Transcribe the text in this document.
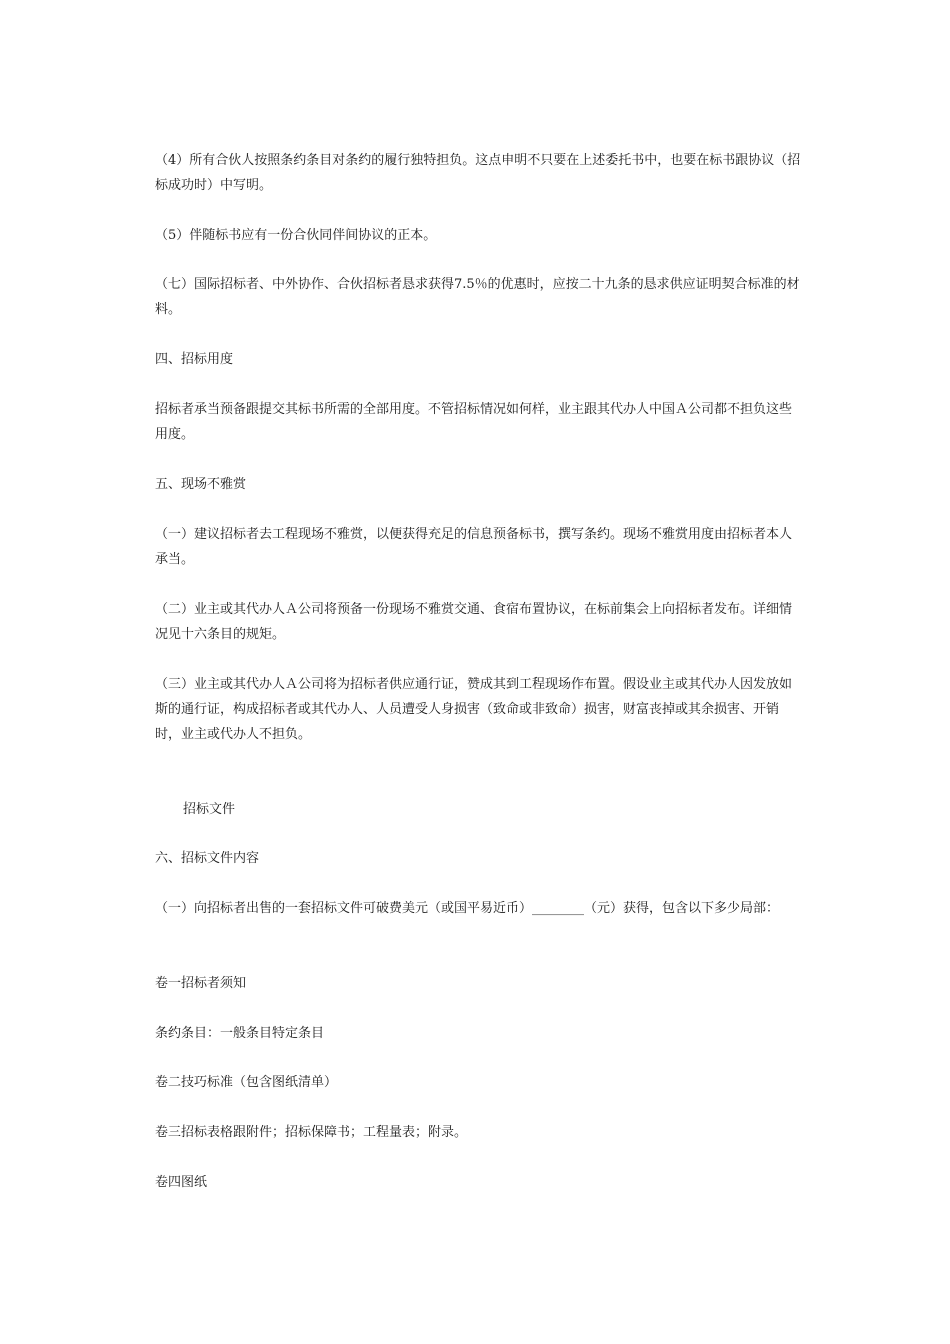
（4）所有合伙人按照条约条目对条约的履行独特担负。这点申明不只要在上述委托书中，也要在标书跟协议（招标成功时）中写明。

（5）伴随标书应有一份合伙同伴间协议的正本。

（七）国际招标者、中外协作、合伙招标者恳求获得7.5％的优惠时，应按二十九条的恳求供应证明契合标准的材料。

四、招标用度

招标者承当预备跟提交其标书所需的全部用度。不管招标情况如何样，业主跟其代办人中国Ａ公司都不担负这些用度。

五、现场不雅赏

（一）建议招标者去工程现场不雅赏，以便获得充足的信息预备标书，撰写条约。现场不雅赏用度由招标者本人承当。

（二）业主或其代办人Ａ公司将预备一份现场不雅赏交通、食宿布置协议，在标前集会上向招标者发布。详细情况见十六条目的规矩。

（三）业主或其代办人Ａ公司将为招标者供应通行证，赞成其到工程现场作布置。假设业主或其代办人因发放如斯的通行证，构成招标者或其代办人、人员遭受人身损害（致命或非致命）损害，财富丧掉或其余损害、开销时，业主或代办人不担负。

招标文件

六、招标文件内容

（一）向招标者出售的一套招标文件可破费美元（或国平易近币）________（元）获得，包含以下多少局部：

卷一招标者须知

条约条目：一般条目特定条目

卷二技巧标准（包含图纸清单）

卷三招标表格跟附件；招标保障书；工程量表；附录。

卷四图纸
